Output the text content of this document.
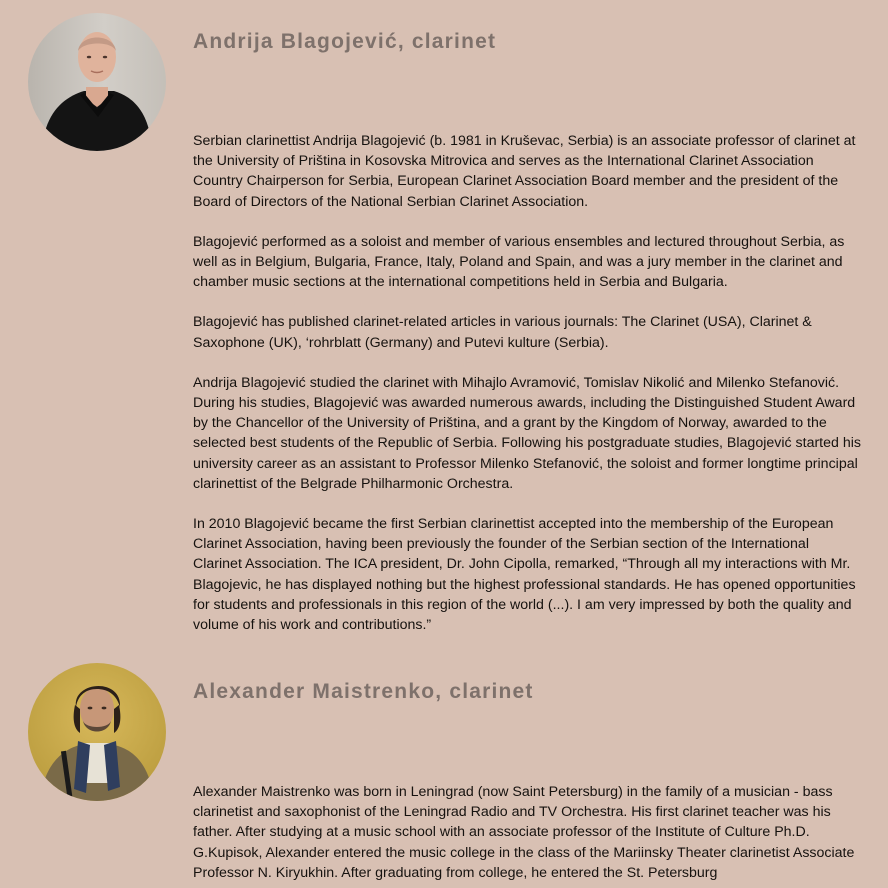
Andrija Blagojević, clarinet

Serbian clarinettist Andrija Blagojević (b. 1981 in Kruševac, Serbia) is an associate professor of clarinet at the University of Priština in Kosovska Mitrovica and serves as the International Clarinet Association Country Chairperson for Serbia, European Clarinet Association Board member and the president of the Board of Directors of the National Serbian Clarinet Association.

Blagojević performed as a soloist and member of various ensembles and lectured throughout Serbia, as well as in Belgium, Bulgaria, France, Italy, Poland and Spain, and was a jury member in the clarinet and chamber music sections at the international competitions held in Serbia and Bulgaria.

Blagojević has published clarinet-related articles in various journals: The Clarinet (USA), Clarinet & Saxophone (UK), ‘rohrblatt (Germany) and Putevi kulture (Serbia).

Andrija Blagojević studied the clarinet with Mihajlo Avramović, Tomislav Nikolić and Milenko Stefanović. During his studies, Blagojević was awarded numerous awards, including the Distinguished Student Award by the Chancellor of the University of Priština, and a grant by the Kingdom of Norway, awarded to the selected best students of the Republic of Serbia. Following his postgraduate studies, Blagojević started his university career as an assistant to Professor Milenko Stefanović, the soloist and former longtime principal clarinettist of the Belgrade Philharmonic Orchestra.

In 2010 Blagojević became the first Serbian clarinettist accepted into the membership of the European Clarinet Association, having been previously the founder of the Serbian section of the International Clarinet Association. The ICA president, Dr. John Cipolla, remarked, “Through all my interactions with Mr. Blagojevic, he has displayed nothing but the highest professional standards. He has opened opportunities for students and professionals in this region of the world (...). I am very impressed by both the quality and volume of his work and contributions.”

Alexander Maistrenko, clarinet

Alexander Maistrenko was born in Leningrad (now Saint Petersburg) in the family of a musician - bass clarinetist and saxophonist of the Leningrad Radio and TV Orchestra. His first clarinet teacher was his father. After studying at a music school with an associate professor of the Institute of Culture Ph.D. G.Kupisok, Alexander entered the music college in the class of the Mariinsky Theater clarinetist Associate Professor N. Kiryukhin. After graduating from college, he entered the St. Petersburg
